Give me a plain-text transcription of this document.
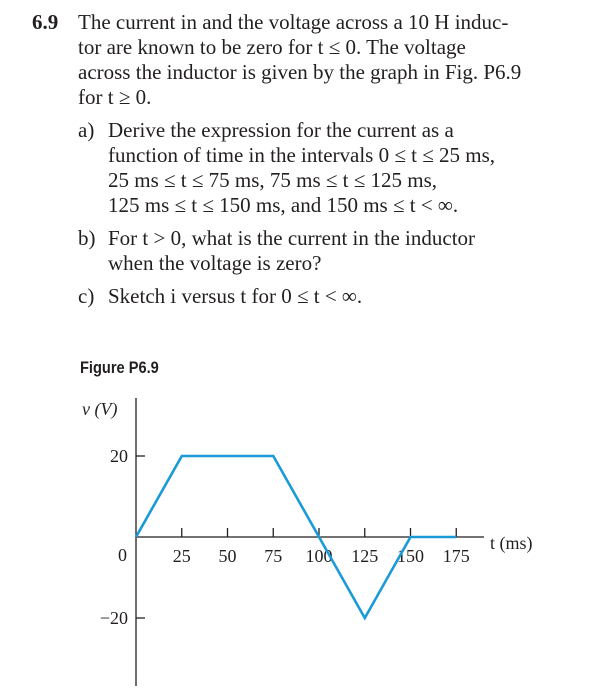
6.9 The current in and the voltage across a 10 H induc-
tor are known to be zero for t ≤ 0. The voltage
across the inductor is given by the graph in Fig. P6.9
for t ≥ 0.
a) Derive the expression for the current as a

function of time in the intervals 0 ≤ t ≤ 25 ms,

25 ms ≤ t ≤ 75 ms, 75 ms ≤ t ≤ 125 ms,

125 ms ≤ t ≤ 150 ms, and 150 ms ≤ t < ∞.

b) For t > 0, what is the current in the inductor

when the voltage is zero?

c) Sketch i versus t for 0 ≤ t < ∞.

Figure P6.9
v (V)
t (ms)
0	25 50 75 100 125 150 175
20
−20
